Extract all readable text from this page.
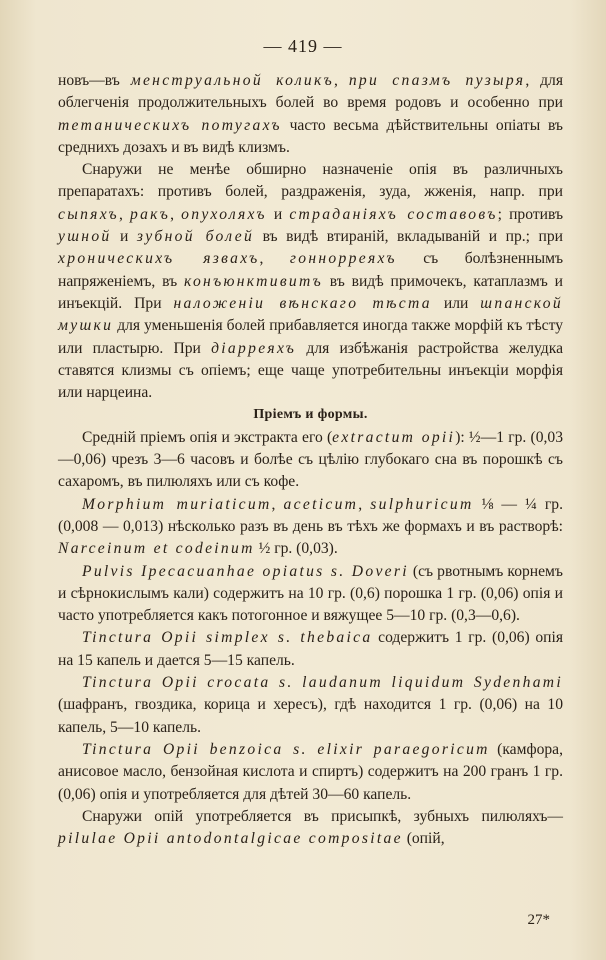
— 419 —

новъ—въ менструальной коликъ, при спазмъ пузыря, для облегченія продолжительныхъ болей во время родовъ и особенно при тетаническихъ потугахъ часто весьма дѣйствительны опіаты въ среднихъ дозахъ и въ видѣ клизмъ.

Снаружи не менѣе обширно назначеніе опія въ различныхъ препаратахъ: противъ болей, раздраженія, зуда, жженія, напр. при сыпяхъ, ракъ, опухоляхъ и страданіяхъ составовъ; противъ ушной и зубной болей въ видѣ втираній, вкладываній и пр.; при хроническихъ язвахъ, гоннорреяхъ съ болѣзненнымъ напряженіемъ, въ конъюнктивитъ въ видѣ примочекъ, катаплазмъ и инъекцій. При наложеніи вѣнскаго тѣста или шпанской мушки для уменьшенія болей прибавляется иногда также морфій къ тѣсту или пластырю. При діарреяхъ для избѣжанія растройства желудка ставятся клизмы съ опіемъ; еще чаще употребительны инъекціи морфія или нарцеина.

Пріемъ и формы.

Средній пріемъ опія и экстракта его (extractum opii): ½—1 гр. (0,03—0,06) чрезъ 3—6 часовъ и болѣе съ цѣлію глубокаго сна въ порошкѣ съ сахаромъ, въ пилюляхъ или съ кофе.

Morphium muriaticum, aceticum, sulphuricum ⅛ — ¼ гр. (0,008 — 0,013) нѣсколько разъ въ день въ тѣхъ же формахъ и въ растворѣ: Narceinum et codeinum ½ гр. (0,03).

Pulvis Ipecacuanhae opiatus s. Doveri (съ рвотнымъ корнемъ и сѣрнокислымъ кали) содержитъ на 10 гр. (0,6) порошка 1 гр. (0,06) опія и часто употребляется какъ потогонное и вяжущее 5—10 гр. (0,3—0,6).

Tinctura Opii simplex s. thebaica содержитъ 1 гр. (0,06) опія на 15 капель и дается 5—15 капель.

Tinctura Opii crocata s. laudanum liquidum Sydenhami (шафранъ, гвоздика, корица и хересъ), гдѣ находится 1 гр. (0,06) на 10 капель, 5—10 капель.

Tinctura Opii benzoica s. elixir paraegoricum (камфора, анисовое масло, бензойная кислота и спиртъ) содержитъ на 200 гранъ 1 гр. (0,06) опія и употребляется для дѣтей 30—60 капель.

Снаружи опій употребляется въ присыпкѣ, зубныхъ пилюляхъ— pilulae Opii antodontalgicae compositae (опій,

27*
